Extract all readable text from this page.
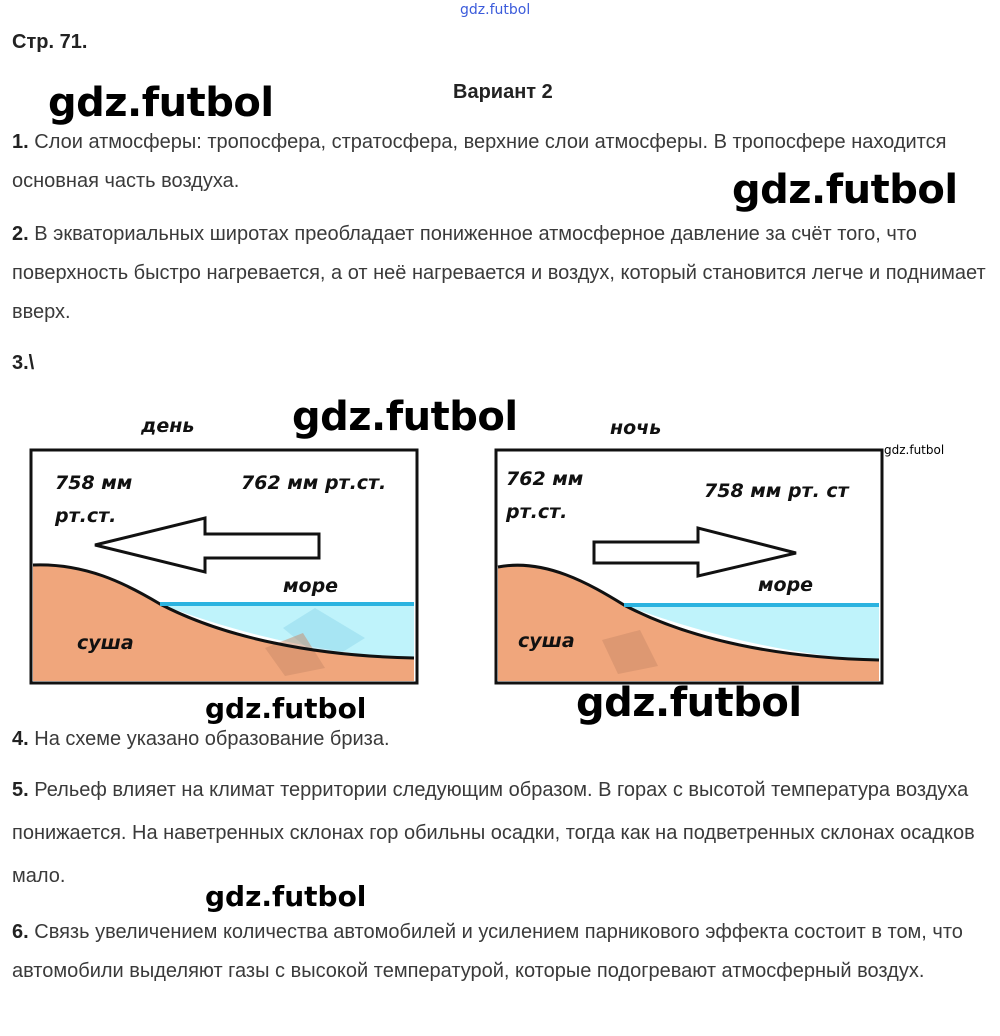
gdz.futbol
Стр. 71.
gdz.futbol	Вариант 2

1. Слои атмосферы: тропосфера, стратосфера, верхние слои атмосферы. В тропосфере находится основная часть воздуха.	gdz.futbol

2. В экваториальных широтах преобладает пониженное атмосферное давление за счёт того, что поверхность быстро нагревается, а от неё нагревается и воздух, который становится легче и поднимает вверх.

3.\

gdz.futbol
gdz.futbol
день
758 мм
рт.ст.
762 мм рт.ст.
море
суша
ночь
762 мм
рт.ст.
758 мм рт. ст
море
суша
gdz.futbol	gdz.futbol

4. На схеме указано образование бриза.

5. Рельеф влияет на климат территории следующим образом. В горах с высотой температура воздуха понижается. На наветренных склонах гор обильны осадки, тогда как на подветренных склонах осадков мало.

gdz.futbol

6. Связь увеличением количества автомобилей и усилением парникового эффекта состоит в том, что автомобили выделяют газы с высокой температурой, которые подогревают атмосферный воздух.
